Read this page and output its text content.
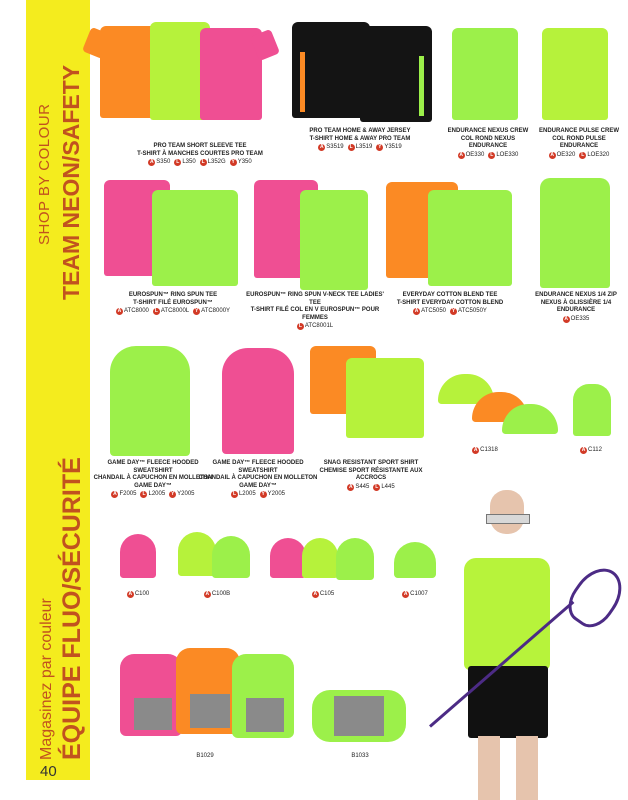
SHOP BY COLOUR TEAM NEON/SAFETY
Magasinez par couleur ÉQUIPE FLUO/SÉCURITÉ
40
PRO TEAM SHORT SLEEVE TEE
T-SHIRT À MANCHES COURTES PRO TEAM
A S350	L L350	L L352G	Y Y350
PRO TEAM HOME & AWAY JERSEY
T-SHIRT HOME & AWAY PRO TEAM
A S3519	L L3519	Y Y3519
ENDURANCE NEXUS CREW
COL ROND NEXUS ENDURANCE
A OE330	L LOE330
ENDURANCE PULSE CREW
COL ROND PULSE ENDURANCE
A OE320	L LOE320
EUROSPUN™ RING SPUN TEE
T-SHIRT FILÉ EUROSPUN™
A ATC8000	L ATC8000L	Y ATC8000Y
EUROSPUN™ RING SPUN V-NECK TEE LADIES' TEE
T-SHIRT FILÉ COL EN V EUROSPUN™ POUR FEMMES
L ATC8001L
EVERYDAY COTTON BLEND TEE
T-SHIRT EVERYDAY COTTON BLEND
A ATC5050	Y ATC5050Y
ENDURANCE NEXUS 1/4 ZIP
NEXUS À GLISSIÈRE 1/4 ENDURANCE
A OE335
GAME DAY™ FLEECE HOODED SWEATSHIRT
CHANDAIL À CAPUCHON EN MOLLETON GAME DAY™
A F2005	L L2005	Y Y2005
GAME DAY™ FLEECE HOODED SWEATSHIRT
CHANDAIL À CAPUCHON EN MOLLETON GAME DAY™
L L2005	Y Y2005
SNAG RESISTANT SPORT SHIRT
CHEMISE SPORT RÉSISTANTE AUX ACCROCS
A S445	L L445
A C1318	A C112
A C100	A C100B	A C105	A C1007
B1029	B1033
